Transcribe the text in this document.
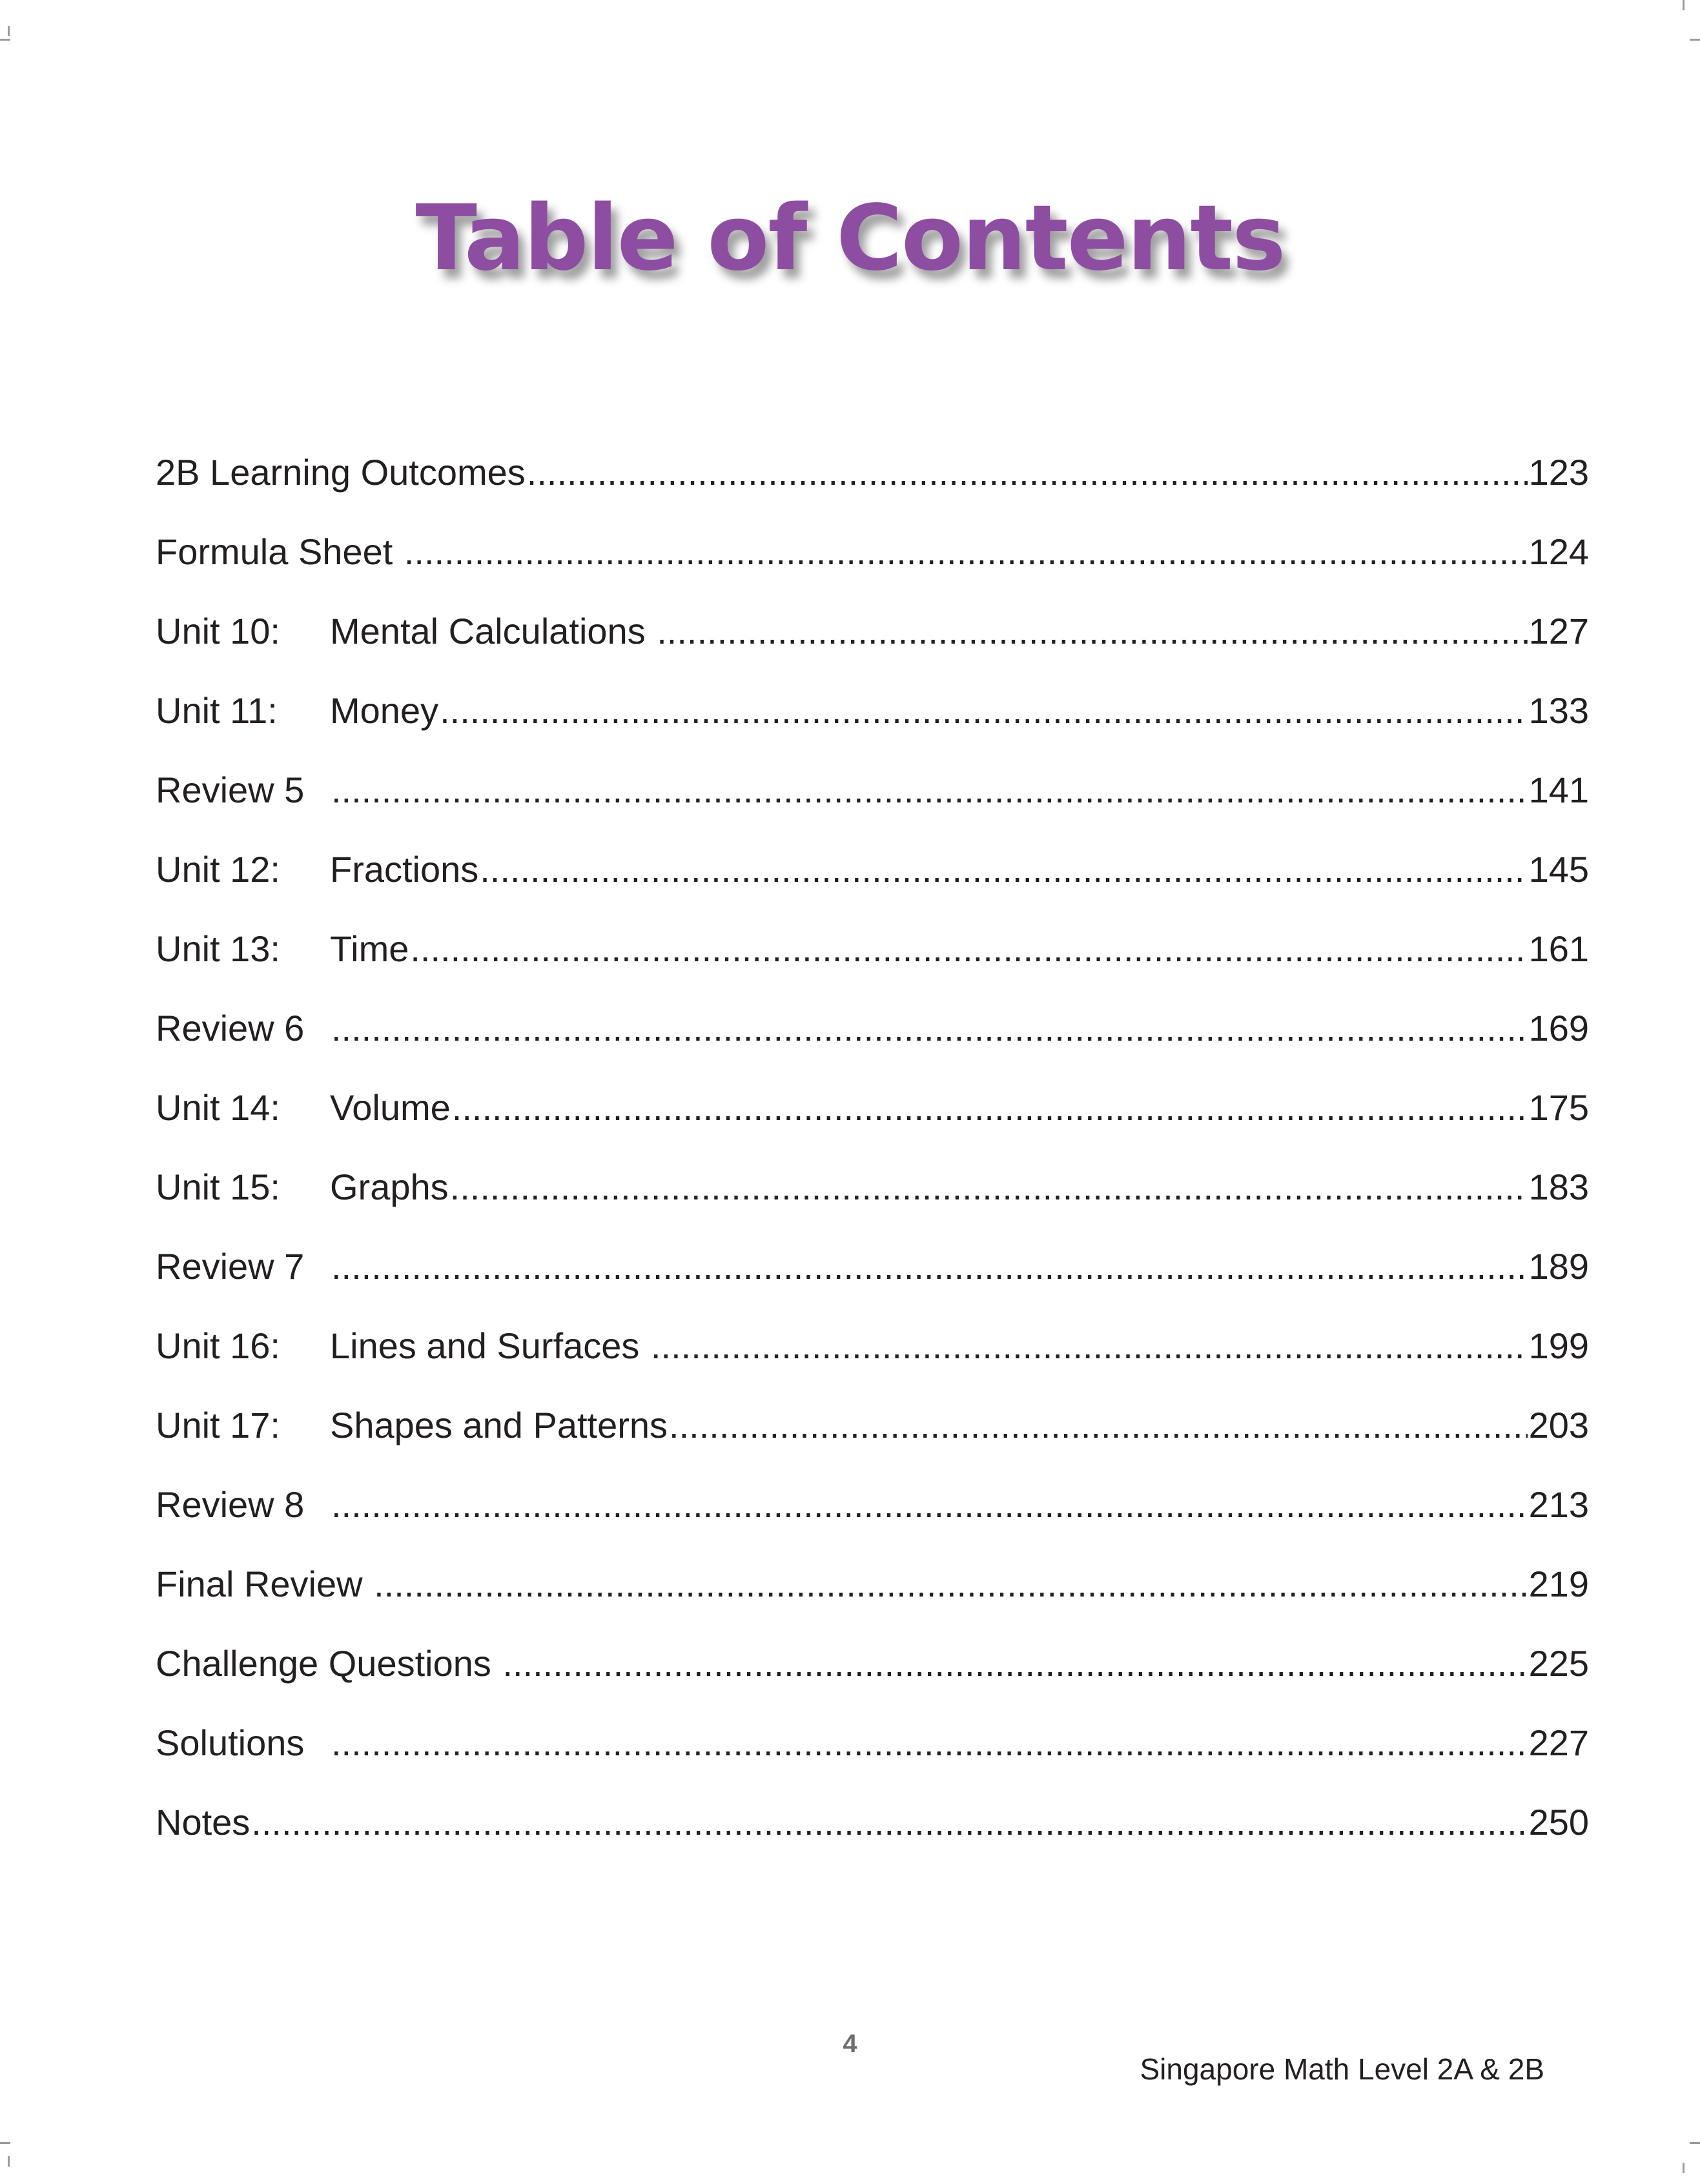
Table of Contents
2B Learning Outcomes .....	123
Formula Sheet .....	124
Unit 10:	Mental Calculations .....	127
Unit 11:	Money .....	133
Review 5 .....	141
Unit 12:	Fractions .....	145
Unit 13:	Time .....	161
Review 6 .....	169
Unit 14:	Volume .....	175
Unit 15:	Graphs .....	183
Review 7 .....	189
Unit 16:	Lines and Surfaces .....	199
Unit 17:	Shapes and Patterns .....	203
Review 8 .....	213
Final Review .....	219
Challenge Questions .....	225
Solutions .....	227
Notes .....	250
4
Singapore Math Level 2A & 2B
